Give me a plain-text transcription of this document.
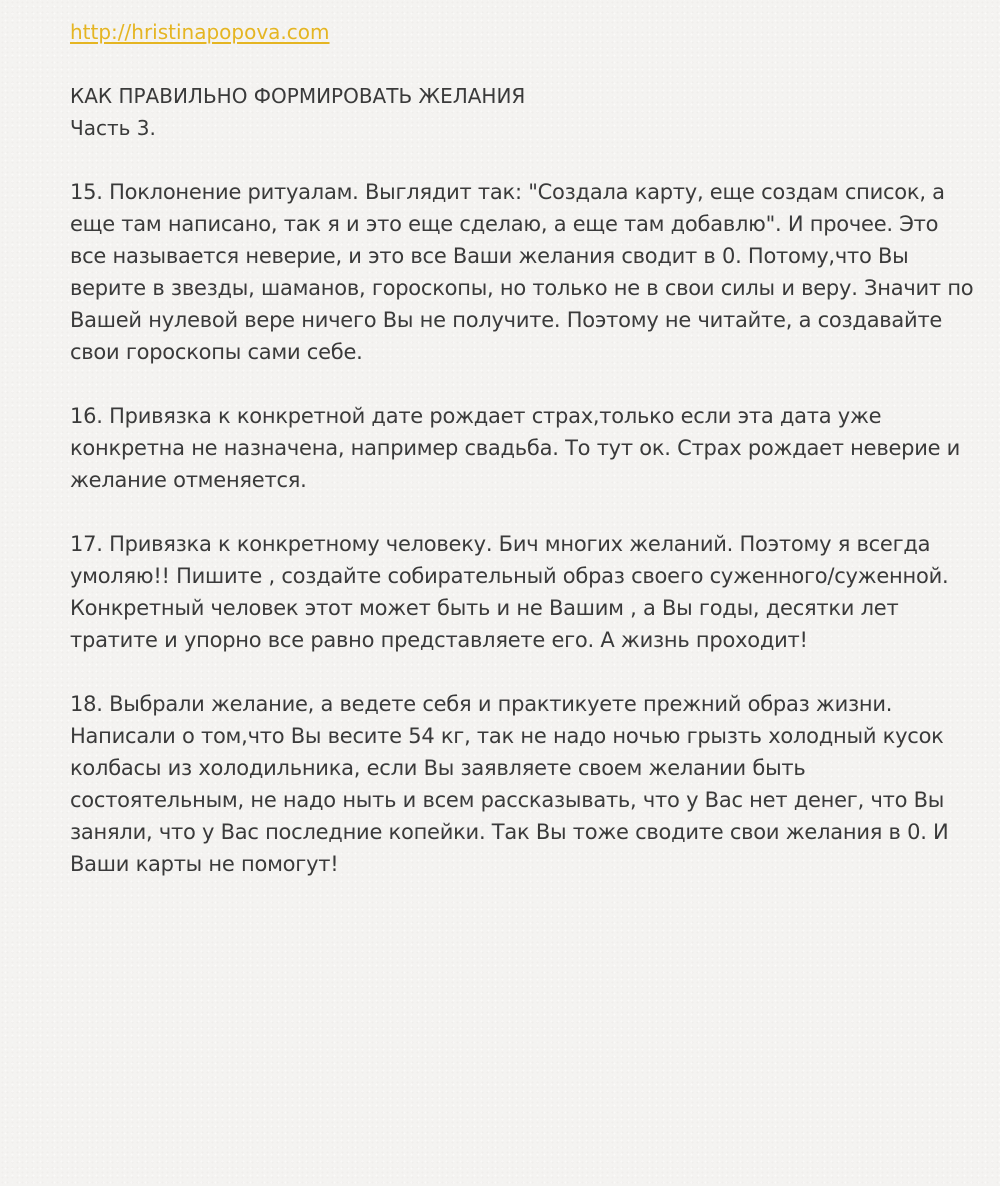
http://hristinapopova.com
КАК ПРАВИЛЬНО ФОРМИРОВАТЬ ЖЕЛАНИЯ
Часть 3.
15. Поклонение ритуалам. Выглядит так: "Создала карту, еще создам список, а
еще там написано, так я и это еще сделаю, а еще там добавлю". И прочее. Это
все называется неверие, и это все Ваши желания сводит в 0. Потому,что Вы
верите в звезды, шаманов, гороскопы, но только не в свои силы и веру. Значит по
Вашей нулевой вере ничего Вы не получите. Поэтому не читайте, а создавайте
свои гороскопы сами себе.
16. Привязка к конкретной дате рождает страх,только если эта дата уже
конкретна не назначена, например свадьба. То тут ок. Страх рождает неверие и
желание отменяется.
17. Привязка к конкретному человеку. Бич многих желаний. Поэтому я всегда
умоляю!! Пишите , создайте собирательный образ своего суженного/суженной.
Конкретный человек этот может быть и не Вашим , а Вы годы, десятки лет
тратите и упорно все равно представляете его. А жизнь проходит!
18. Выбрали желание, а ведете себя и практикуете прежний образ жизни.
Написали о том,что Вы весите 54 кг, так не надо ночью грызть холодный кусок
колбасы из холодильника, если Вы заявляете своем желании быть
состоятельным, не надо ныть и всем рассказывать, что у Вас нет денег, что Вы
заняли, что у Вас последние копейки. Так Вы тоже сводите свои желания в 0. И
Ваши карты не помогут!
